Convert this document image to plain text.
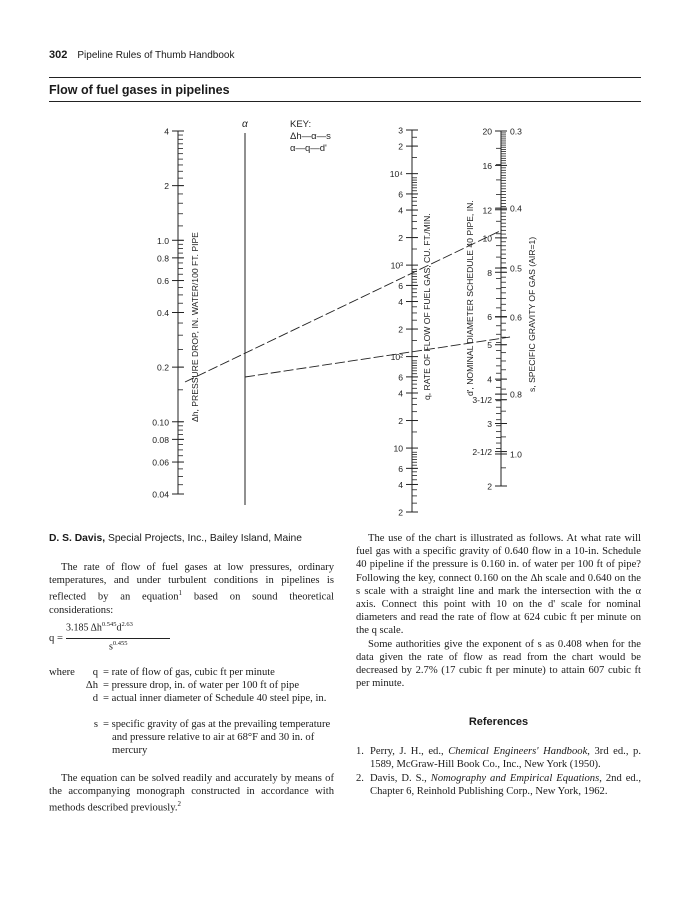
302 Pipeline Rules of Thumb Handbook
Flow of fuel gases in pipelines
4
2
1.0
0.8
0.6
0.4
0.2
0.10
0.08
0.06
0.04
3
2
10⁴
6
4
2
10³
6
4
2
10²
6
4
2
10
6
4
2
20
16
12
10
8
6
5
4
3-1/2
3
2-1/2
2
0.3
0.4
0.5
0.6
0.8
1.0
α	KEY:
Δh—α—s
α—q—d'
Δh, PRESSURE DROP, IN. WATER/100 FT. PIPE	q, RATE OF FLOW OF FUEL GAS, CU. FT./MIN.	d', NOMINAL DIAMETER SCHEDULE 40 PIPE, IN.	s, SPECIFIC GRAVITY OF GAS (AIR=1)
D. S. Davis, Special Projects, Inc., Bailey Island, Maine

The rate of flow of fuel gases at low pressures, ordinary temperatures, and under turbulent conditions in pipelines is reflected by an equation$^1$ based on sound theoretical considerations:

q =
3.185 $\Delta h^{0.545}d^{2.63}$
$s^{0.455}$
where	q = rate of flow of gas, cubic ft per minute
Δh = pressure drop, in. of water per 100 ft of pipe
d = actual inner diameter of Schedule 40 steel pipe, in.
s = specific gravity of gas at the prevailing temperature and pressure relative to air at 68°F and 30 in. of mercury

The equation can be solved readily and accurately by means of the accompanying monograph constructed in accordance with methods described previously.$^2$

The use of the chart is illustrated as follows. At what rate will fuel gas with a specific gravity of 0.640 flow in a 10-in. Schedule 40 pipeline if the pressure is 0.160 in. of water per 100 ft of pipe? Following the key, connect 0.160 on the Δh scale and 0.640 on the s scale with a straight line and mark the intersection with the α axis. Connect this point with 10 on the d' scale for nominal diameters and read the rate of flow at 624 cubic ft per minute on the q scale.

Some authorities give the exponent of s as 0.408 when for the data given the rate of flow as read from the chart would be decreased by 2.7% (17 cubic ft per minute) to attain 607 cubic ft per minute.

References
1. Perry, J. H., ed., Chemical Engineers' Handbook, 3rd ed., p. 1589, McGraw-Hill Book Co., Inc., New York (1950).
2. Davis, D. S., Nomography and Empirical Equations, 2nd ed., Chapter 6, Reinhold Publishing Corp., New York, 1962.
